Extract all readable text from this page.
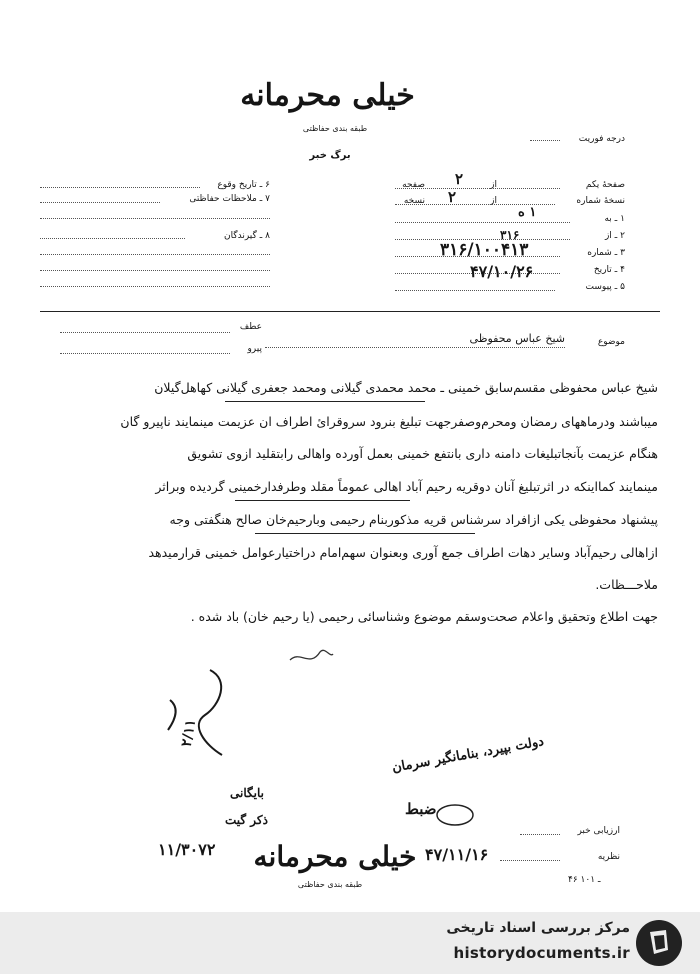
خیلی محرمانه
طبقه بندی حفاظتی
برگ خبر
درجه فوریت
۶ ـ تاریخ وقوع
۷ ـ ملاحظات حفاظتی
۸ ـ گیرندگان
صفحهٔ یکم
صفحه	از
نسخهٔ شماره
نسخه	از
۱ ـ به
۲ ـ از
۳ ـ شماره
۴ ـ تاریخ
۵ ـ پیوست
۲
۲
۱ ه
۳۱۶
۳۱۶/۱۰۰۴۱۳
۴۷/۱۰/۲۶
موضوع
شیخ عباس محفوظی
عطف
پیرو
شیخ عباس محفوظی مقسم‌سابق خمینی ـ محمد محمدی گیلانی ومحمد جعفری گیلانی کهاهل‌گیلان
میباشند ودرماههای رمضان ومحرم‌وصفرجهت تبلیغ بنرود سرو‌قرائ اطراف ان عزیمت مینمایند ناپیرو گان
هنگام عزیمت بآنجاتبلیغات دامنه داری بانتفع خمینی بعمل آورده واهالی رابتقلید ازوی تشویق
مینمایند کمااینکه در اثرتبلیغ آنان دوقریه رحیم آباد اهالی عموماً مقلد وطرفدارخمینی گردیده وبراثر
پیشنهاد محفوظی یکی ازافراد سرشناس قریه مذکوربنام رحیمی وبارحیم‌خان صالح هنگفتی وجه
ازاهالی رحیم‌آباد وسایر دهات اطراف جمع آوری وبعنوان سهم‌امام دراختیارعوامل خمینی قرارمیدهد
ملاحـــظات.
جهت اطلاع وتحقیق واعلام صحت‌وسقم موضوع وشناسائی رحیمی (یا رحیم خان) باد شده .
۲/۱۱
دولت بپیرد، بنامانگیر سرمان
ضبط
بایگانی
ذکر گیت
۱۱/۳۰۷۲ خیلی محرمانه
طبقه بندی حفاظتی
۴۷/۱۱/۱۶
ارزیابی خبر
نظریه
۴۶ ـ ۱۰۱
مرکز بررسی اسناد تاریخی
historydocuments.ir
